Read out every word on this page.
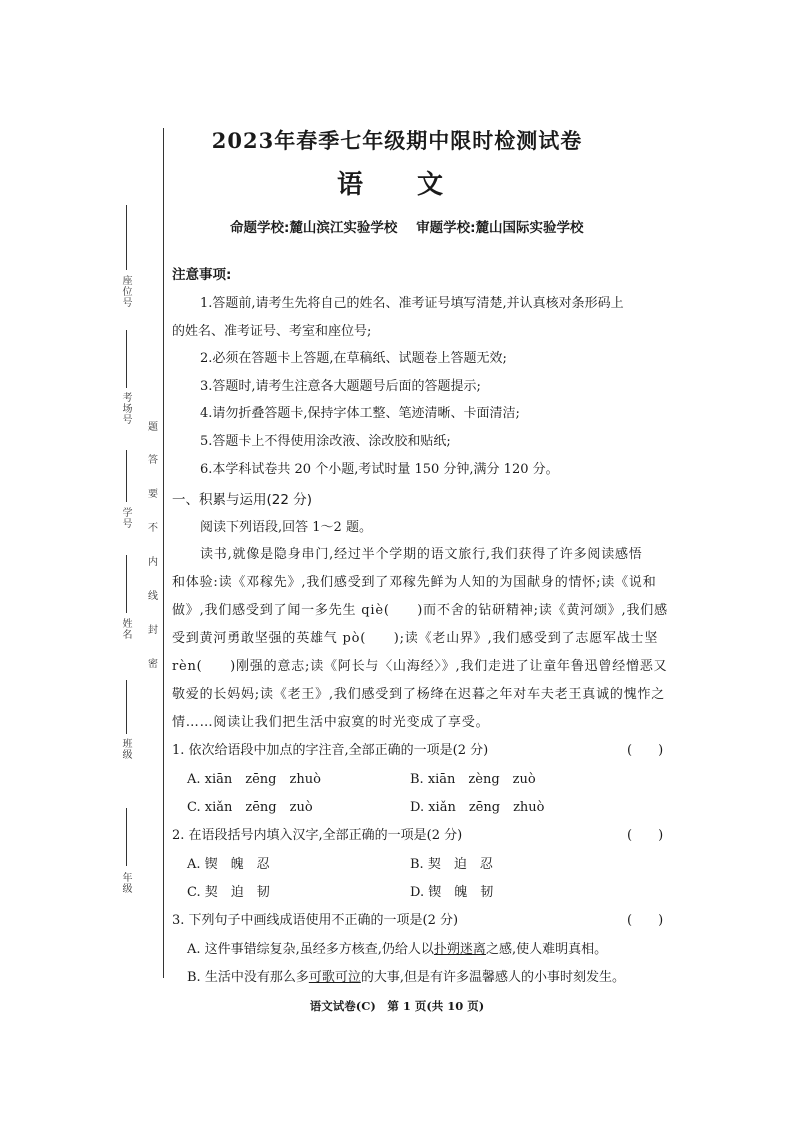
座位号
考场号
学号
姓名
班级
年级
题
答
要
不
内
线
封
密
2023年春季七年级期中限时检测试卷
语　文
命题学校:麓山滨江实验学校 审题学校:麓山国际实验学校
注意事项:
1.答题前,请考生先将自己的姓名、准考证号填写清楚,并认真核对条形码上
的姓名、准考证号、考室和座位号;
2.必须在答题卡上答题,在草稿纸、试题卷上答题无效;
3.答题时,请考生注意各大题题号后面的答题提示;
4.请勿折叠答题卡,保持字体工整、笔迹清晰、卡面清洁;
5.答题卡上不得使用涂改液、涂改胶和贴纸;
6.本学科试卷共 20 个小题,考试时量 150 分钟,满分 120 分。
一、积累与运用(22 分)
阅读下列语段,回答 1～2 题。
读书,就像是隐身串门,经过半个学期的语文旅行,我们获得了许多阅读感悟
和体验:读《邓稼先》,我们感受到了邓稼先鲜为人知的为国献身的情怀;读《说和
做》,我们感受到了闻一多先生 qiè(　　)而不舍的钻研精神;读《黄河颂》,我们感
受到黄河勇敢坚强的英雄气 pò(　　);读《老山界》,我们感受到了志愿军战士坚
rèn(　　)刚强的意志;读《阿长与〈山海经〉》,我们走进了让童年鲁迅曾经憎恶又
敬爱的长妈妈;读《老王》,我们感受到了杨绛在迟暮之年对车夫老王真诚的愧怍之
情……阅读让我们把生活中寂寞的时光变成了享受。
1. 依次给语段中加点的字注音,全部正确的一项是(2 分)	(　　)
A. xiān　zēng　zhuò	B. xiān　zèng　zuò
C. xiǎn　zēng　zuò	D. xiǎn　zēng　zhuò
2. 在语段括号内填入汉字,全部正确的一项是(2 分)	(　　)
A. 锲　魄　忍	B. 契　迫　忍
C. 契　迫　韧	D. 锲　魄　韧
3. 下列句子中画线成语使用不正确的一项是(2 分)	(　　)
A. 这件事错综复杂,虽经多方核查,仍给人以扑朔迷离之感,使人难明真相。
B. 生活中没有那么多可歌可泣的大事,但是有许多温馨感人的小事时刻发生。
语文试卷(C)　第 1 页(共 10 页)
